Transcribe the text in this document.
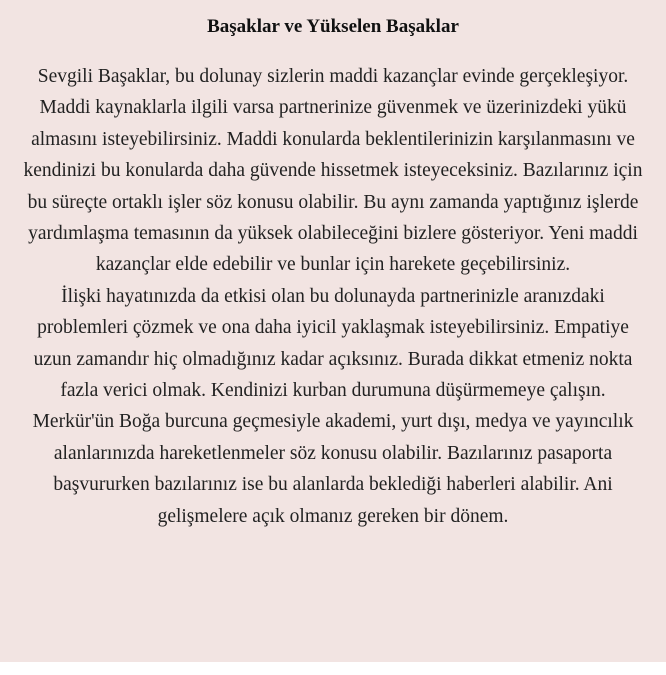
Başaklar ve Yükselen Başaklar

Sevgili Başaklar, bu dolunay sizlerin maddi kazançlar evinde gerçekleşiyor. Maddi kaynaklarla ilgili varsa partnerinize güvenmek ve üzerinizdeki yükü almasını isteyebilirsiniz. Maddi konularda beklentilerinizin karşılanmasını ve kendinizi bu konularda daha güvende hissetmek isteyeceksiniz. Bazılarınız için bu süreçte ortaklı işler söz konusu olabilir. Bu aynı zamanda yaptığınız işlerde yardımlaşma temasının da yüksek olabileceğini bizlere gösteriyor. Yeni maddi kazançlar elde edebilir ve bunlar için harekete geçebilirsiniz.

İlişki hayatınızda da etkisi olan bu dolunayda partnerinizle aranızdaki problemleri çözmek ve ona daha iyicil yaklaşmak isteyebilirsiniz. Empatiye uzun zamandır hiç olmadığınız kadar açıksınız. Burada dikkat etmeniz nokta fazla verici olmak. Kendinizi kurban durumuna düşürmemeye çalışın.

Merkür'ün Boğa burcuna geçmesiyle akademi, yurt dışı, medya ve yayıncılık alanlarınızda hareketlenmeler söz konusu olabilir. Bazılarınız pasaporta başvururken bazılarınız ise bu alanlarda beklediği haberleri alabilir. Ani gelişmelere açık olmanız gereken bir dönem.
